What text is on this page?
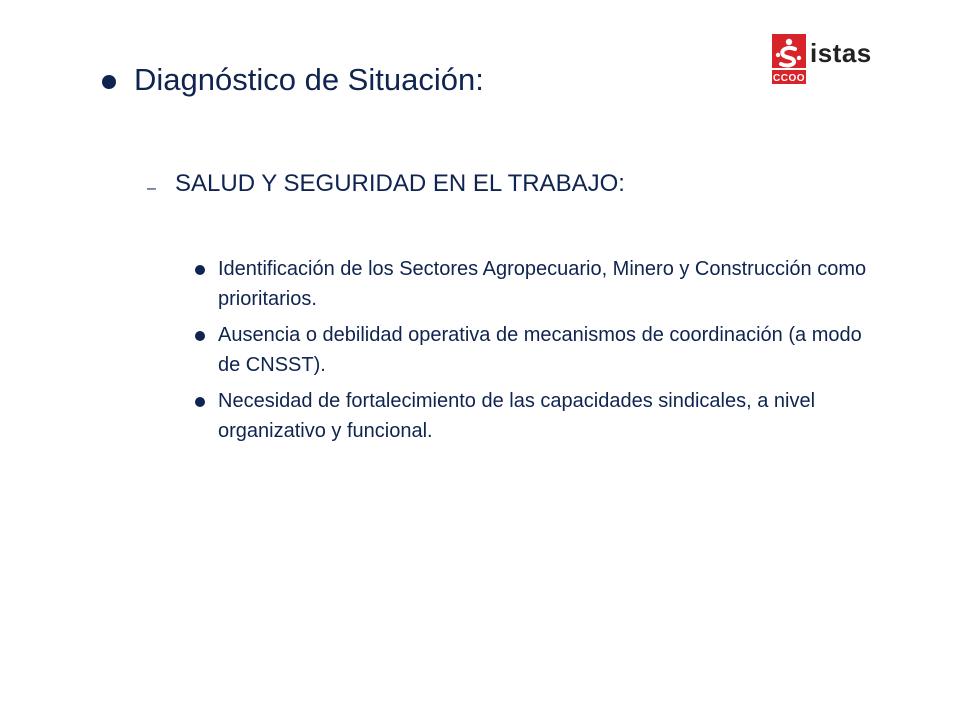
CCOO
istas
Diagnóstico de Situación:
– SALUD Y SEGURIDAD EN EL TRABAJO:
Identificación de los Sectores Agropecuario, Minero y Construcción como prioritarios.
Ausencia o debilidad operativa de mecanismos de coordinación (a modo de CNSST).
Necesidad de fortalecimiento de las capacidades sindicales, a nivel organizativo y funcional.
